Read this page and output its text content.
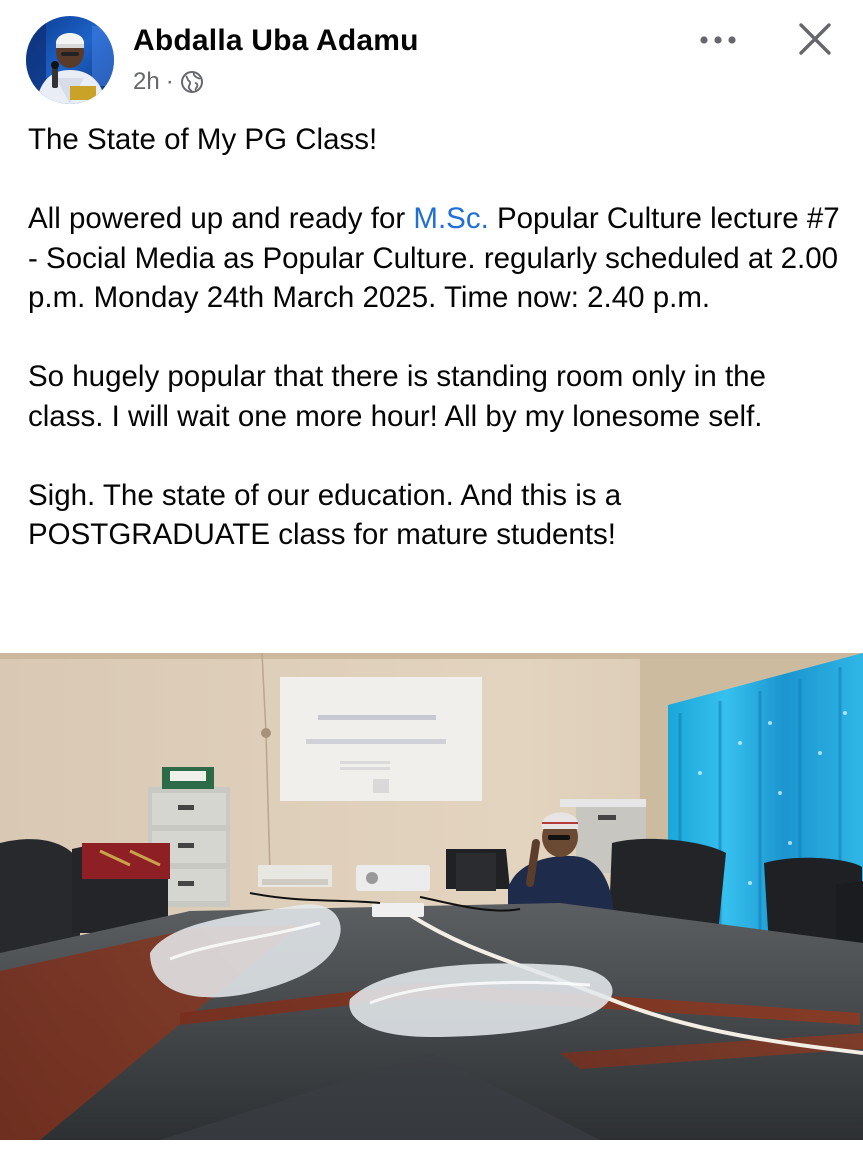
Abdalla Uba Adamu
2h ·

The State of My PG Class!

All powered up and ready for M.Sc. Popular Culture lecture #7 - Social Media as Popular Culture. regularly scheduled at 2.00 p.m. Monday 24th March 2025. Time now: 2.40 p.m.

So hugely popular that there is standing room only in the class. I will wait one more hour! All by my lonesome self.

Sigh. The state of our education. And this is a POSTGRADUATE class for mature students!
